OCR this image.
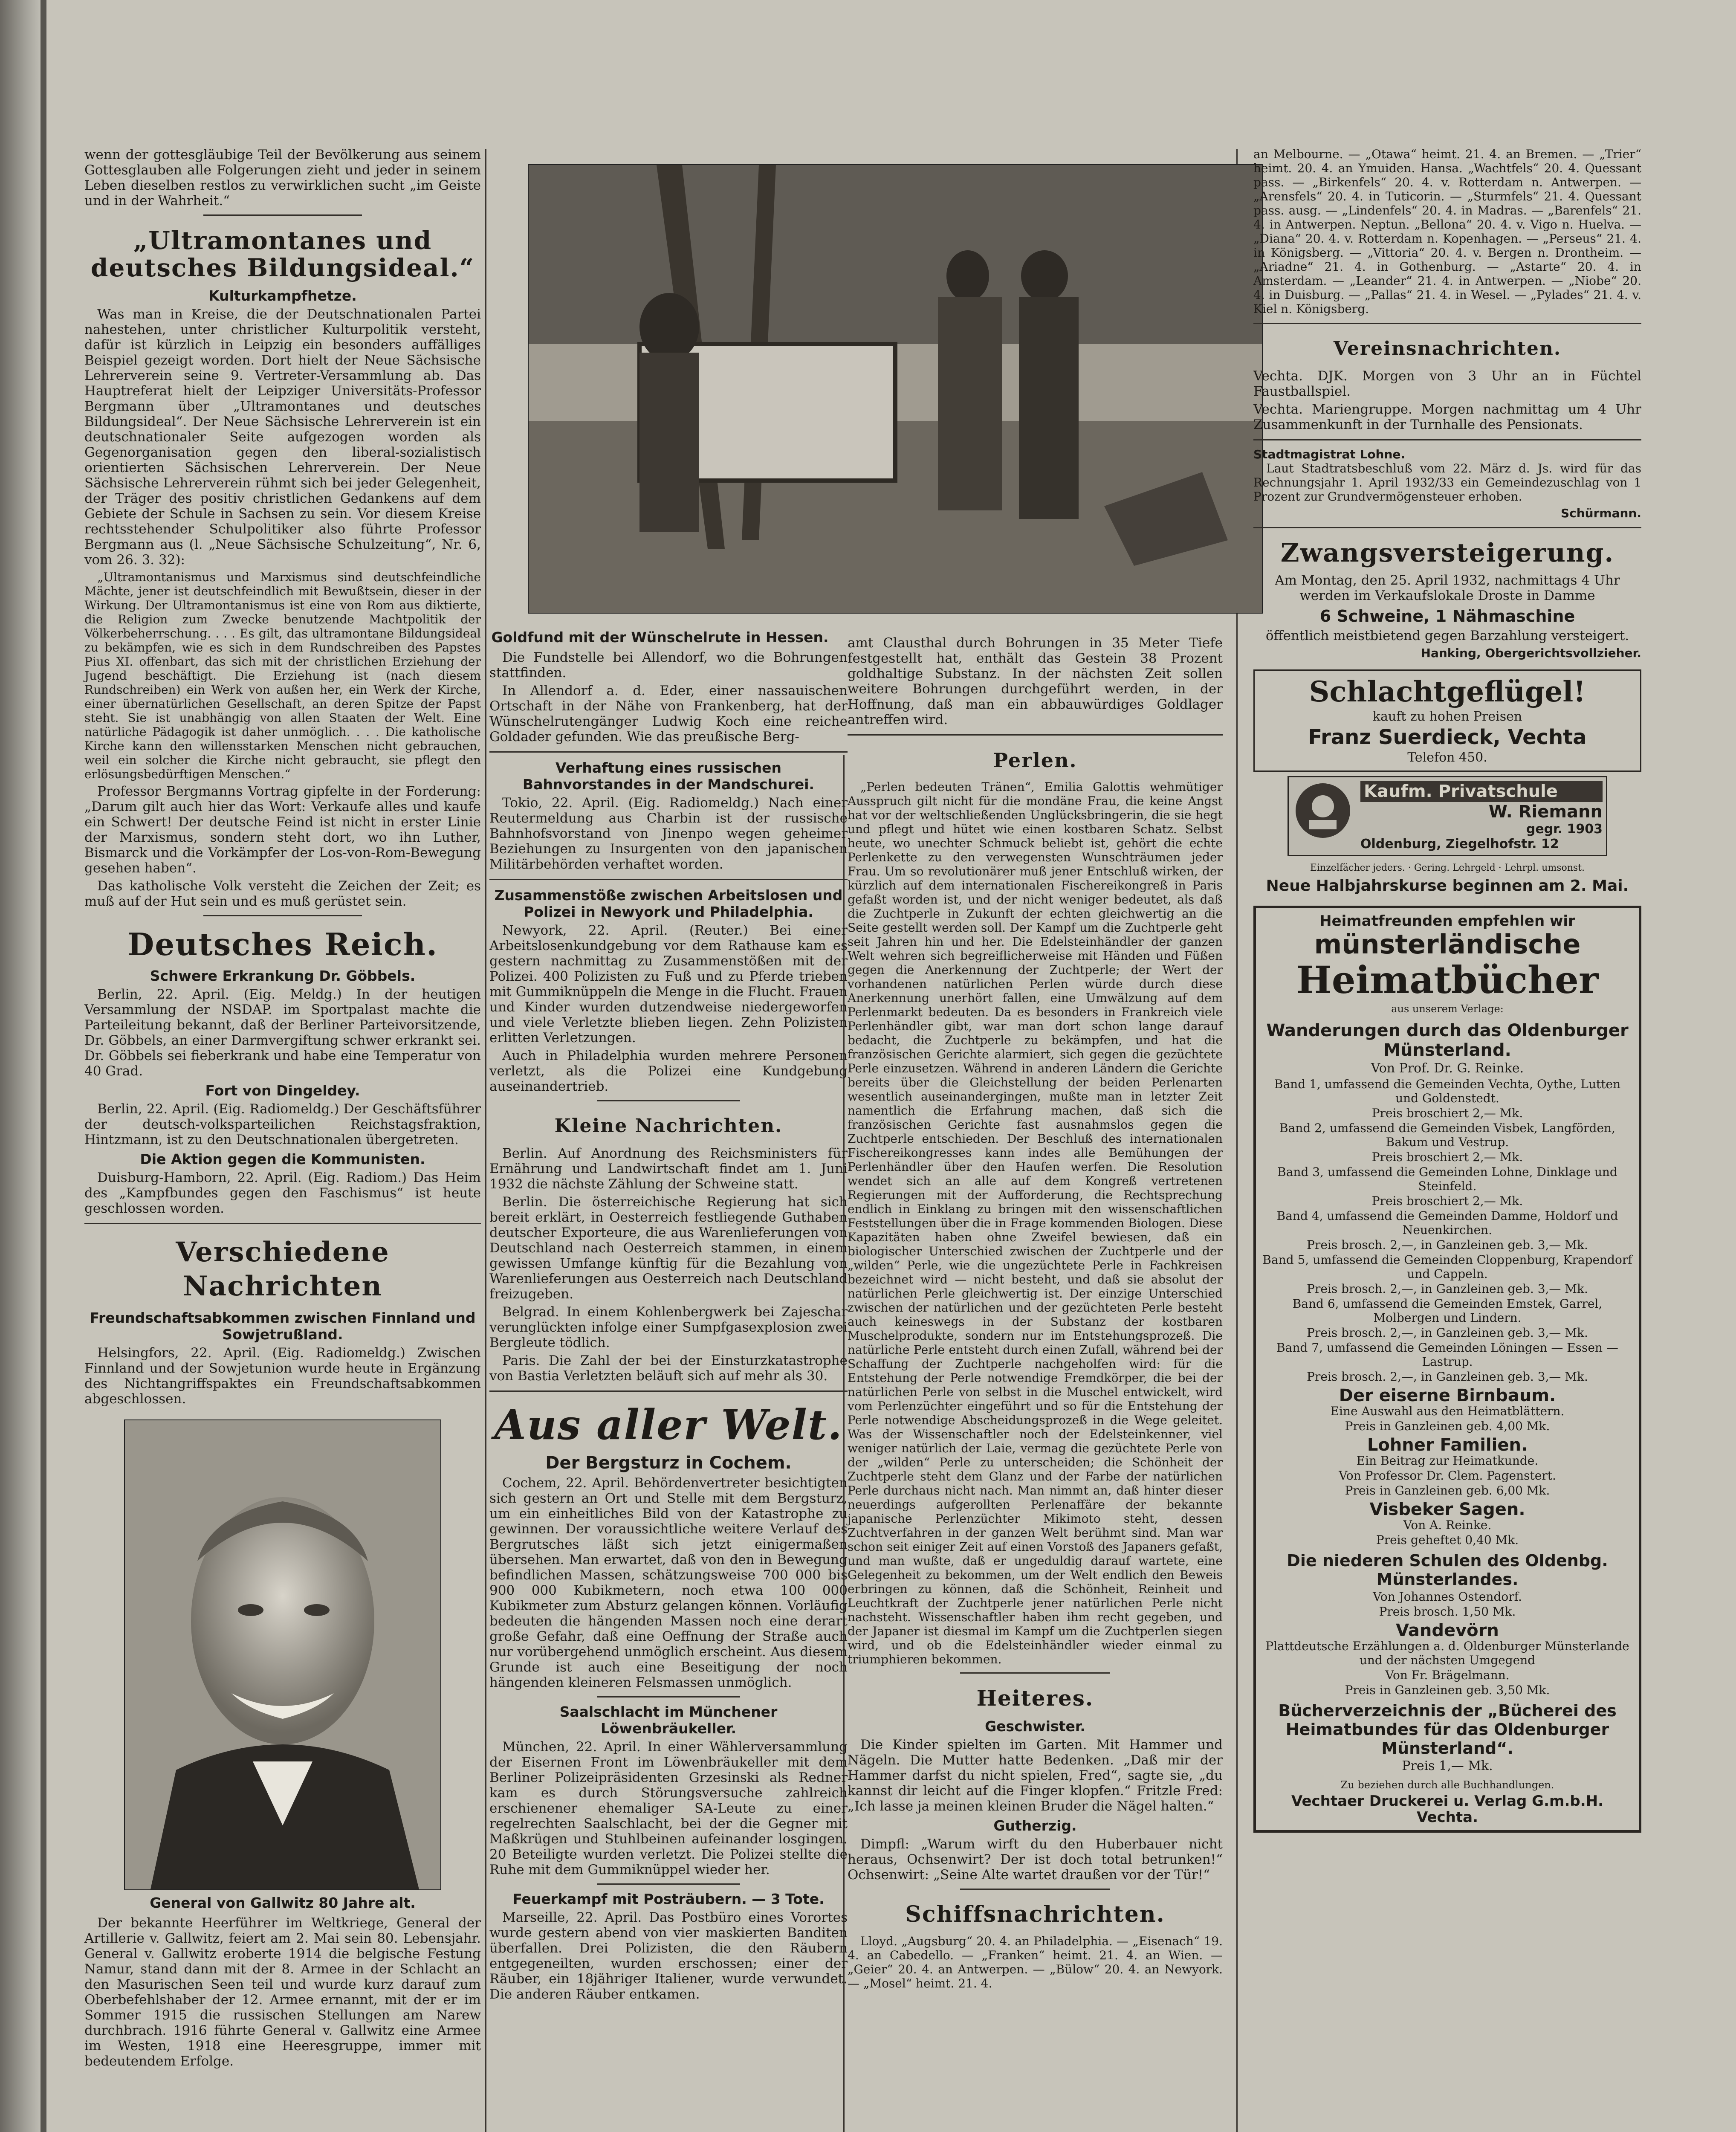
wenn der gottesgläubige Teil der Bevölkerung aus seinem Gottesglauben alle Folgerungen zieht und jeder in seinem Leben dieselben restlos zu verwirklichen sucht „im Geiste und in der Wahrheit.“

„Ultramontanes und deutsches Bildungsideal.“
Kulturkampfhetze.

Was man in Kreise, die der Deutschnationalen Partei nahestehen, unter christlicher Kulturpolitik versteht, dafür ist kürzlich in Leipzig ein besonders auffälliges Beispiel gezeigt worden. Dort hielt der Neue Sächsische Lehrerverein seine 9. Vertreter-Versammlung ab. Das Hauptreferat hielt der Leipziger Universitäts-Professor Bergmann über „Ultramontanes und deutsches Bildungsideal“. Der Neue Sächsische Lehrerverein ist ein deutschnationaler Seite aufgezogen worden als Gegenorganisation gegen den liberal-sozialistisch orientierten Sächsischen Lehrerverein. Der Neue Sächsische Lehrerverein rühmt sich bei jeder Gelegenheit, der Träger des positiv christlichen Gedankens auf dem Gebiete der Schule in Sachsen zu sein. Vor diesem Kreise rechtsstehender Schulpolitiker also führte Professor Bergmann aus (l. „Neue Sächsische Schulzeitung“, Nr. 6, vom 26. 3. 32):

„Ultramontanismus und Marxismus sind deutschfeindliche Mächte, jener ist deutschfeindlich mit Bewußtsein, dieser in der Wirkung. Der Ultramontanismus ist eine von Rom aus diktierte, die Religion zum Zwecke benutzende Machtpolitik der Völkerbeherrschung. . . . Es gilt, das ultramontane Bildungsideal zu bekämpfen, wie es sich in dem Rundschreiben des Papstes Pius XI. offenbart, das sich mit der christlichen Erziehung der Jugend beschäftigt. Die Erziehung ist (nach diesem Rundschreiben) ein Werk von außen her, ein Werk der Kirche, einer übernatürlichen Gesellschaft, an deren Spitze der Papst steht. Sie ist unabhängig von allen Staaten der Welt. Eine natürliche Pädagogik ist daher unmöglich. . . . Die katholische Kirche kann den willensstarken Menschen nicht gebrauchen, weil ein solcher die Kirche nicht gebraucht, sie pflegt den erlösungsbedürftigen Menschen.“

Professor Bergmanns Vortrag gipfelte in der Forderung: „Darum gilt auch hier das Wort: Verkaufe alles und kaufe ein Schwert! Der deutsche Feind ist nicht in erster Linie der Marxismus, sondern steht dort, wo ihn Luther, Bismarck und die Vorkämpfer der Los-von-Rom-Bewegung gesehen haben“.

Das katholische Volk versteht die Zeichen der Zeit; es muß auf der Hut sein und es muß gerüstet sein.

Deutsches Reich.
Schwere Erkrankung Dr. Göbbels.

Berlin, 22. April. (Eig. Meldg.) In der heutigen Versammlung der NSDAP. im Sportpalast machte die Parteileitung bekannt, daß der Berliner Parteivorsitzende, Dr. Göbbels, an einer Darmvergiftung schwer erkrankt sei. Dr. Göbbels sei fieberkrank und habe eine Temperatur von 40 Grad.

Fort von Dingeldey.

Berlin, 22. April. (Eig. Radiomeldg.) Der Geschäftsführer der deutsch-volksparteilichen Reichstagsfraktion, Hintzmann, ist zu den Deutschnationalen übergetreten.

Die Aktion gegen die Kommunisten.

Duisburg-Hamborn, 22. April. (Eig. Radiom.) Das Heim des „Kampfbundes gegen den Faschismus“ ist heute geschlossen worden.

Verschiedene Nachrichten
Freundschaftsabkommen zwischen Finnland und Sowjetrußland.

Helsingfors, 22. April. (Eig. Radiomeldg.) Zwischen Finnland und der Sowjetunion wurde heute in Ergänzung des Nichtangriffspaktes ein Freundschaftsabkommen abgeschlossen.

General von Gallwitz 80 Jahre alt.

Der bekannte Heerführer im Weltkriege, General der Artillerie v. Gallwitz, feiert am 2. Mai sein 80. Lebensjahr. General v. Gallwitz eroberte 1914 die belgische Festung Namur, stand dann mit der 8. Armee in der Schlacht an den Masurischen Seen teil und wurde kurz darauf zum Oberbefehlshaber der 12. Armee ernannt, mit der er im Sommer 1915 die russischen Stellungen am Narew durchbrach. 1916 führte General v. Gallwitz eine Armee im Westen, 1918 eine Heeresgruppe, immer mit bedeutendem Erfolge.

Goldfund mit der Wünschelrute in Hessen.

Die Fundstelle bei Allendorf, wo die Bohrungen stattfinden.

In Allendorf a. d. Eder, einer nassauischen Ortschaft in der Nähe von Frankenberg, hat der Wünschelrutengänger Ludwig Koch eine reiche Goldader gefunden. Wie das preußische Berg-

Verhaftung eines russischen Bahnvorstandes in der Mandschurei.

Tokio, 22. April. (Eig. Radiomeldg.) Nach einer Reutermeldung aus Charbin ist der russische Bahnhofsvorstand von Jinenpo wegen geheimer Beziehungen zu Insurgenten von den japanischen Militärbehörden verhaftet worden.

Zusammenstöße zwischen Arbeitslosen und Polizei in Newyork und Philadelphia.

Newyork, 22. April. (Reuter.) Bei einer Arbeitslosenkundgebung vor dem Rathause kam es gestern nachmittag zu Zusammenstößen mit der Polizei. 400 Polizisten zu Fuß und zu Pferde trieben mit Gummiknüppeln die Menge in die Flucht. Frauen und Kinder wurden dutzendweise niedergeworfen und viele Verletzte blieben liegen. Zehn Polizisten erlitten Verletzungen.

Auch in Philadelphia wurden mehrere Personen verletzt, als die Polizei eine Kundgebung auseinandertrieb.

Kleine Nachrichten.

Berlin. Auf Anordnung des Reichsministers für Ernährung und Landwirtschaft findet am 1. Juni 1932 die nächste Zählung der Schweine statt.

Berlin. Die österreichische Regierung hat sich bereit erklärt, in Oesterreich festliegende Guthaben deutscher Exporteure, die aus Warenlieferungen von Deutschland nach Oesterreich stammen, in einem gewissen Umfange künftig für die Bezahlung von Warenlieferungen aus Oesterreich nach Deutschland freizugeben.

Belgrad. In einem Kohlenbergwerk bei Zajeschar verunglückten infolge einer Sumpfgasexplosion zwei Bergleute tödlich.

Paris. Die Zahl der bei der Einsturzkatastrophe von Bastia Verletzten beläuft sich auf mehr als 30.

Aus aller Welt.
Der Bergsturz in Cochem.

Cochem, 22. April. Behördenvertreter besichtigten sich gestern an Ort und Stelle mit dem Bergsturz, um ein einheitliches Bild von der Katastrophe zu gewinnen. Der voraussichtliche weitere Verlauf des Bergrutsches läßt sich jetzt einigermaßen übersehen. Man erwartet, daß von den in Bewegung befindlichen Massen, schätzungsweise 700 000 bis 900 000 Kubikmetern, noch etwa 100 000 Kubikmeter zum Absturz gelangen können. Vorläufig bedeuten die hängenden Massen noch eine derart große Gefahr, daß eine Oeffnung der Straße auch nur vorübergehend unmöglich erscheint. Aus diesem Grunde ist auch eine Beseitigung der noch hängenden kleineren Felsmassen unmöglich.

Saalschlacht im Münchener Löwenbräukeller.

München, 22. April. In einer Wählerversammlung der Eisernen Front im Löwenbräukeller mit dem Berliner Polizeipräsidenten Grzesinski als Redner kam es durch Störungsversuche zahlreich erschienener ehemaliger SA-Leute zu einer regelrechten Saalschlacht, bei der die Gegner mit Maßkrügen und Stuhlbeinen aufeinander losgingen. 20 Beteiligte wurden verletzt. Die Polizei stellte die Ruhe mit dem Gummiknüppel wieder her.

Feuerkampf mit Posträubern. — 3 Tote.

Marseille, 22. April. Das Postbüro eines Vorortes wurde gestern abend von vier maskierten Banditen überfallen. Drei Polizisten, die den Räubern entgegeneilten, wurden erschossen; einer der Räuber, ein 18jähriger Italiener, wurde verwundet. Die anderen Räuber entkamen.

amt Clausthal durch Bohrungen in 35 Meter Tiefe festgestellt hat, enthält das Gestein 38 Prozent goldhaltige Substanz. In der nächsten Zeit sollen weitere Bohrungen durchgeführt werden, in der Hoffnung, daß man ein abbauwürdiges Goldlager antreffen wird.

Perlen.

„Perlen bedeuten Tränen“, Emilia Galottis wehmütiger Ausspruch gilt nicht für die mondäne Frau, die keine Angst hat vor der weltschließenden Unglücksbringerin, die sie hegt und pflegt und hütet wie einen kostbaren Schatz. Selbst heute, wo unechter Schmuck beliebt ist, gehört die echte Perlenkette zu den verwegensten Wunschträumen jeder Frau. Um so revolutionärer muß jener Entschluß wirken, der kürzlich auf dem internationalen Fischereikongreß in Paris gefaßt worden ist, und der nicht weniger bedeutet, als daß die Zuchtperle in Zukunft der echten gleichwertig an die Seite gestellt werden soll. Der Kampf um die Zuchtperle geht seit Jahren hin und her. Die Edelsteinhändler der ganzen Welt wehren sich begreiflicherweise mit Händen und Füßen gegen die Anerkennung der Zuchtperle; der Wert der vorhandenen natürlichen Perlen würde durch diese Anerkennung unerhört fallen, eine Umwälzung auf dem Perlenmarkt bedeuten. Da es besonders in Frankreich viele Perlenhändler gibt, war man dort schon lange darauf bedacht, die Zuchtperle zu bekämpfen, und hat die französischen Gerichte alarmiert, sich gegen die gezüchtete Perle einzusetzen. Während in anderen Ländern die Gerichte bereits über die Gleichstellung der beiden Perlenarten wesentlich auseinandergingen, mußte man in letzter Zeit namentlich die Erfahrung machen, daß sich die französischen Gerichte fast ausnahmslos gegen die Zuchtperle entschieden. Der Beschluß des internationalen Fischereikongresses kann indes alle Bemühungen der Perlenhändler über den Haufen werfen. Die Resolution wendet sich an alle auf dem Kongreß vertretenen Regierungen mit der Aufforderung, die Rechtsprechung endlich in Einklang zu bringen mit den wissenschaftlichen Feststellungen über die in Frage kommenden Biologen. Diese Kapazitäten haben ohne Zweifel bewiesen, daß ein biologischer Unterschied zwischen der Zuchtperle und der „wilden“ Perle, wie die ungezüchtete Perle in Fachkreisen bezeichnet wird — nicht besteht, und daß sie absolut der natürlichen Perle gleichwertig ist. Der einzige Unterschied zwischen der natürlichen und der gezüchteten Perle besteht auch keineswegs in der Substanz der kostbaren Muschelprodukte, sondern nur im Entstehungsprozeß. Die natürliche Perle entsteht durch einen Zufall, während bei der Schaffung der Zuchtperle nachgeholfen wird: für die Entstehung der Perle notwendige Fremdkörper, die bei der natürlichen Perle von selbst in die Muschel entwickelt, wird vom Perlenzüchter eingeführt und so für die Entstehung der Perle notwendige Abscheidungsprozeß in die Wege geleitet. Was der Wissenschaftler noch der Edelsteinkenner, viel weniger natürlich der Laie, vermag die gezüchtete Perle von der „wilden“ Perle zu unterscheiden; die Schönheit der Zuchtperle steht dem Glanz und der Farbe der natürlichen Perle durchaus nicht nach. Man nimmt an, daß hinter dieser neuerdings aufgerollten Perlenaffäre der bekannte japanische Perlenzüchter Mikimoto steht, dessen Zuchtverfahren in der ganzen Welt berühmt sind. Man war schon seit einiger Zeit auf einen Vorstoß des Japaners gefaßt, und man wußte, daß er ungeduldig darauf wartete, eine Gelegenheit zu bekommen, um der Welt endlich den Beweis erbringen zu können, daß die Schönheit, Reinheit und Leuchtkraft der Zuchtperle jener natürlichen Perle nicht nachsteht. Wissenschaftler haben ihm recht gegeben, und der Japaner ist diesmal im Kampf um die Zuchtperlen siegen wird, und ob die Edelsteinhändler wieder einmal zu triumphieren bekommen.

Heiteres.
Geschwister.

Die Kinder spielten im Garten. Mit Hammer und Nägeln. Die Mutter hatte Bedenken. „Daß mir der Hammer darfst du nicht spielen, Fred“, sagte sie, „du kannst dir leicht auf die Finger klopfen.“ Fritzle Fred: „Ich lasse ja meinen kleinen Bruder die Nägel halten.“

Gutherzig.

Dimpfl: „Warum wirft du den Huberbauer nicht heraus, Ochsenwirt? Der ist doch total betrunken!“ Ochsenwirt: „Seine Alte wartet draußen vor der Tür!“

Schiffsnachrichten.

Lloyd. „Augsburg“ 20. 4. an Philadelphia. — „Eisenach“ 19. 4. an Cabedello. — „Franken“ heimt. 21. 4. an Wien. — „Geier“ 20. 4. an Antwerpen. — „Bülow“ 20. 4. an Newyork. — „Mosel“ heimt. 21. 4.

an Melbourne. — „Otawa“ heimt. 21. 4. an Bremen. — „Trier“ heimt. 20. 4. an Ymuiden. Hansa. „Wachtfels“ 20. 4. Quessant pass. — „Birkenfels“ 20. 4. v. Rotterdam n. Antwerpen. — „Arensfels“ 20. 4. in Tuticorin. — „Sturmfels“ 21. 4. Quessant pass. ausg. — „Lindenfels“ 20. 4. in Madras. — „Barenfels“ 21. 4. in Antwerpen. Neptun. „Bellona“ 20. 4. v. Vigo n. Huelva. — „Diana“ 20. 4. v. Rotterdam n. Kopenhagen. — „Perseus“ 21. 4. in Königsberg. — „Vittoria“ 20. 4. v. Bergen n. Drontheim. — „Ariadne“ 21. 4. in Gothenburg. — „Astarte“ 20. 4. in Amsterdam. — „Leander“ 21. 4. in Antwerpen. — „Niobe“ 20. 4. in Duisburg. — „Pallas“ 21. 4. in Wesel. — „Pylades“ 21. 4. v. Kiel n. Königsberg.

Vereinsnachrichten.

Vechta. DJK. Morgen von 3 Uhr an in Füchtel Faustballspiel.

Vechta. Mariengruppe. Morgen nachmittag um 4 Uhr Zusammenkunft in der Turnhalle des Pensionats.

Stadtmagistrat Lohne.

Laut Stadtratsbeschluß vom 22. März d. Js. wird für das Rechnungsjahr 1. April 1932/33 ein Gemeindezuschlag von 1 Prozent zur Grundvermögensteuer erhoben.

Schürmann.
Zwangsversteigerung.

Am Montag, den 25. April 1932, nachmittags 4 Uhr werden im Verkaufslokale Droste in Damme

6 Schweine, 1 Nähmaschine

öffentlich meistbietend gegen Barzahlung versteigert.

Hanking, Obergerichtsvollzieher.
Schlachtgeflügel!
kauft zu hohen Preisen
Franz Suerdieck, Vechta
Telefon 450.
Kaufm. Privatschule
W. Riemann
gegr. 1903
Oldenburg, Ziegelhofstr. 12
Einzelfächer jeders. · Gering. Lehrgeld · Lehrpl. umsonst.
Neue Halbjahrskurse beginnen am 2. Mai.
Heimatfreunden empfehlen wir
münsterländische
Heimatbücher
aus unserem Verlage:
Wanderungen durch das Oldenburger Münsterland.
Von Prof. Dr. G. Reinke.
Band 1, umfassend die Gemeinden Vechta, Oythe, Lutten und Goldenstedt.
Preis broschiert 2,— Mk.
Band 2, umfassend die Gemeinden Visbek, Langförden, Bakum und Vestrup.
Preis broschiert 2,— Mk.
Band 3, umfassend die Gemeinden Lohne, Dinklage und Steinfeld.
Preis broschiert 2,— Mk.
Band 4, umfassend die Gemeinden Damme, Holdorf und Neuenkirchen.
Preis brosch. 2,—, in Ganzleinen geb. 3,— Mk.
Band 5, umfassend die Gemeinden Cloppenburg, Krapendorf und Cappeln.
Preis brosch. 2,—, in Ganzleinen geb. 3,— Mk.
Band 6, umfassend die Gemeinden Emstek, Garrel, Molbergen und Lindern.
Preis brosch. 2,—, in Ganzleinen geb. 3,— Mk.
Band 7, umfassend die Gemeinden Löningen — Essen — Lastrup.
Preis brosch. 2,—, in Ganzleinen geb. 3,— Mk.
Der eiserne Birnbaum.
Eine Auswahl aus den Heimatblättern.
Preis in Ganzleinen geb. 4,00 Mk.
Lohner Familien.
Ein Beitrag zur Heimatkunde.
Von Professor Dr. Clem. Pagenstert.
Preis in Ganzleinen geb. 6,00 Mk.
Visbeker Sagen.
Von A. Reinke.
Preis geheftet 0,40 Mk.
Die niederen Schulen des Oldenbg. Münsterlandes.
Von Johannes Ostendorf.
Preis brosch. 1,50 Mk.
Vandevörn
Plattdeutsche Erzählungen a. d. Oldenburger Münsterlande und der nächsten Umgegend
Von Fr. Brägelmann.
Preis in Ganzleinen geb. 3,50 Mk.
Bücherverzeichnis der „Bücherei des Heimatbundes für das Oldenburger Münsterland“.
Preis 1,— Mk.
Zu beziehen durch alle Buchhandlungen.
Vechtaer Druckerei u. Verlag G.m.b.H.
Vechta.
